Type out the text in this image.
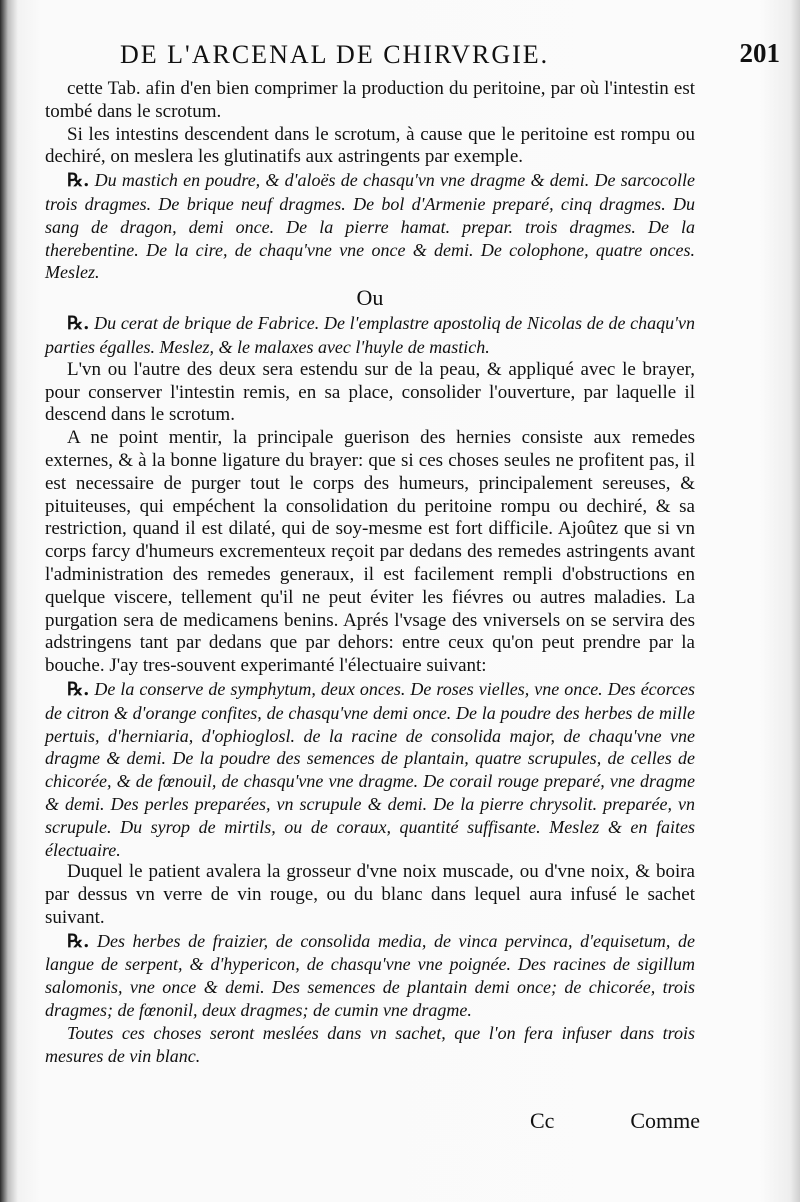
DE L'ARCENAL DE CHIRVRGIE.	201

cette Tab. afin d'en bien comprimer la production du peritoine, par où l'intestin est tombé dans le scrotum.

Si les intestins descendent dans le scrotum, à cause que le peritoine est rompu ou dechiré, on meslera les glutinatifs aux astringents par exemple.

℞. Du mastich en poudre, & d'aloës de chasqu'vn vne dragme & demi. De sarcocolle trois dragmes. De brique neuf dragmes. De bol d'Armenie preparé, cinq dragmes. Du sang de dragon, demi once. De la pierre hamat. prepar. trois dragmes. De la therebentine. De la cire, de chaqu'vne vne once & demi. De colophone, quatre onces. Meslez.

Ou

℞. Du cerat de brique de Fabrice. De l'emplastre apostoliq de Nicolas de de chaqu'vn parties égalles. Meslez, & le malaxes avec l'huyle de mastich.

L'vn ou l'autre des deux sera estendu sur de la peau, & appliqué avec le brayer, pour conserver l'intestin remis, en sa place, consolider l'ouverture, par laquelle il descend dans le scrotum.

A ne point mentir, la principale guerison des hernies consiste aux remedes externes, & à la bonne ligature du brayer: que si ces choses seules ne profitent pas, il est necessaire de purger tout le corps des humeurs, principalement sereuses, & pituiteuses, qui empéchent la consolidation du peritoine rompu ou dechiré, & sa restriction, quand il est dilaté, qui de soy-mesme est fort difficile. Ajoûtez que si vn corps farcy d'humeurs excrementeux reçoit par dedans des remedes astringents avant l'administration des remedes generaux, il est facilement rempli d'obstructions en quelque viscere, tellement qu'il ne peut éviter les fiévres ou autres maladies. La purgation sera de medicamens benins. Aprés l'vsage des vniversels on se servira des adstringens tant par dedans que par dehors: entre ceux qu'on peut prendre par la bouche. J'ay tres-souvent experimanté l'électuaire suivant:

℞. De la conserve de symphytum, deux onces. De roses vielles, vne once. Des écorces de citron & d'orange confites, de chasqu'vne demi once. De la poudre des herbes de mille pertuis, d'herniaria, d'ophioglosl. de la racine de consolida major, de chaqu'vne vne dragme & demi. De la poudre des semences de plantain, quatre scrupules, de celles de chicorée, & de fœnouil, de chasqu'vne vne dragme. De corail rouge preparé, vne dragme & demi. Des perles preparées, vn scrupule & demi. De la pierre chrysolit. preparée, vn scrupule. Du syrop de mirtils, ou de coraux, quantité suffisante. Meslez & en faites électuaire.

Duquel le patient avalera la grosseur d'vne noix muscade, ou d'vne noix, & boira par dessus vn verre de vin rouge, ou du blanc dans lequel aura infusé le sachet suivant.

℞. Des herbes de fraizier, de consolida media, de vinca pervinca, d'equisetum, de langue de serpent, & d'hypericon, de chasqu'vne vne poignée. Des racines de sigillum salomonis, vne once & demi. Des semences de plantain demi once; de chicorée, trois dragmes; de fœnonil, deux dragmes; de cumin vne dragme.

Toutes ces choses seront meslées dans vn sachet, que l'on fera infuser dans trois mesures de vin blanc.

Cc	Comme
